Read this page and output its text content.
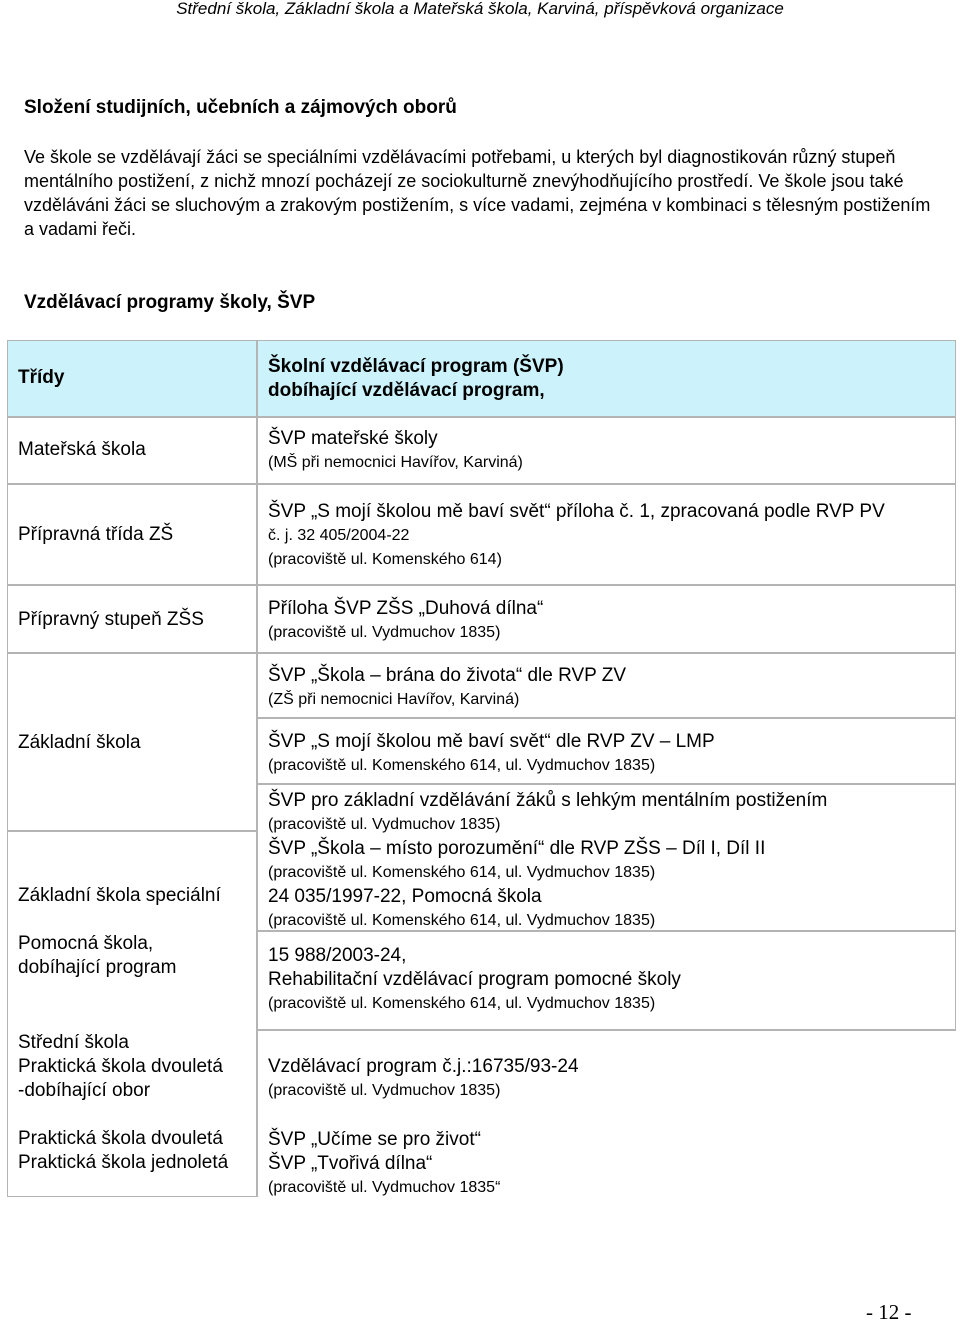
Střední škola, Základní škola a Mateřská škola, Karviná, příspěvková organizace
Složení studijních, učebních a zájmových oborů

Ve škole se vzdělávají žáci se speciálními vzdělávacími potřebami, u kterých byl diagnostikován různý stupeň mentálního postižení, z nichž mnozí pocházejí ze sociokulturně znevýhodňujícího prostředí. Ve škole jsou také vzděláváni žáci se sluchovým a zrakovým postižením, s více vadami, zejména v kombinaci s tělesným postižením a vadami řeči.

Vzdělávací programy školy, ŠVP
Třídy
Mateřská škola
Přípravná třída ZŠ
Přípravný stupeň ZŠS
Základní škola
Základní škola speciální
Pomocná škola,
dobíhající program
Střední škola
Praktická škola dvouletá
-dobíhající obor
Praktická škola dvouletá
Praktická škola jednoletá
Školní vzdělávací program (ŠVP)
dobíhající vzdělávací program,
ŠVP mateřské školy
(MŠ při nemocnici Havířov, Karviná)
ŠVP „S mojí školou mě baví svět“ příloha č. 1, zpracovaná podle RVP PV
č. j. 32 405/2004-22
(pracoviště ul. Komenského 614)
Příloha ŠVP ZŠS „Duhová dílna“
(pracoviště ul. Vydmuchov 1835)
ŠVP „Škola – brána do života“ dle RVP ZV
(ZŠ při nemocnici Havířov, Karviná)
ŠVP „S mojí školou mě baví svět“ dle RVP ZV – LMP
(pracoviště ul. Komenského 614, ul. Vydmuchov 1835)
ŠVP pro základní vzdělávání žáků s lehkým mentálním postižením
(pracoviště ul. Vydmuchov 1835)
ŠVP „Škola – místo porozumění“ dle RVP ZŠS – Díl I, Díl II
(pracoviště ul. Komenského 614, ul. Vydmuchov 1835)
24 035/1997-22, Pomocná škola
(pracoviště ul. Komenského 614, ul. Vydmuchov 1835)
15 988/2003-24,
Rehabilitační vzdělávací program pomocné školy
(pracoviště ul. Komenského 614, ul. Vydmuchov 1835)
Vzdělávací program č.j.:16735/93-24
(pracoviště ul. Vydmuchov 1835)
ŠVP „Učíme se pro život“
ŠVP „Tvořivá dílna“
(pracoviště ul. Vydmuchov 1835“
- 12 -
